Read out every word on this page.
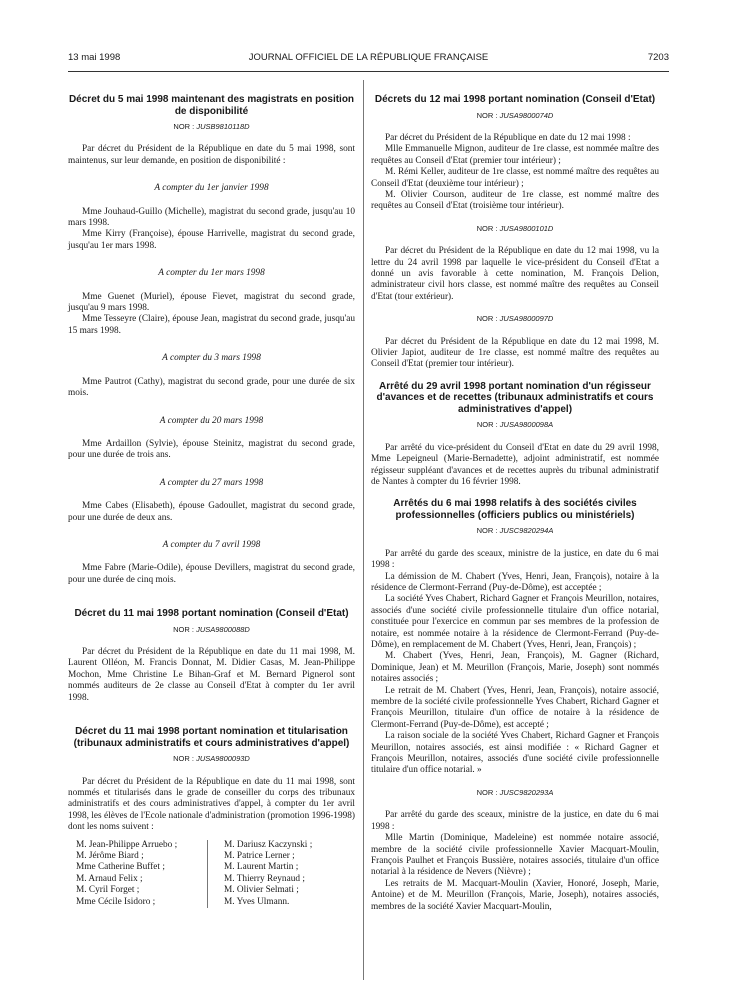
13 mai 1998	JOURNAL OFFICIEL DE LA RÉPUBLIQUE FRANÇAISE	7203
Décret du 5 mai 1998 maintenant des magistrats en position de disponibilité
NOR : JUSB9810118D

Par décret du Président de la République en date du 5 mai 1998, sont maintenus, sur leur demande, en position de disponibilité :

A compter du 1er janvier 1998

Mme Jouhaud-Guillo (Michelle), magistrat du second grade, jusqu'au 10 mars 1998.

Mme Kirry (Françoise), épouse Harrivelle, magistrat du second grade, jusqu'au 1er mars 1998.

A compter du 1er mars 1998

Mme Guenet (Muriel), épouse Fievet, magistrat du second grade, jusqu'au 9 mars 1998.

Mme Tesseyre (Claire), épouse Jean, magistrat du second grade, jusqu'au 15 mars 1998.

A compter du 3 mars 1998

Mme Pautrot (Cathy), magistrat du second grade, pour une durée de six mois.

A compter du 20 mars 1998

Mme Ardaillon (Sylvie), épouse Steinitz, magistrat du second grade, pour une durée de trois ans.

A compter du 27 mars 1998

Mme Cabes (Elisabeth), épouse Gadoullet, magistrat du second grade, pour une durée de deux ans.

A compter du 7 avril 1998

Mme Fabre (Marie-Odile), épouse Devillers, magistrat du second grade, pour une durée de cinq mois.

Décret du 11 mai 1998 portant nomination (Conseil d'Etat)
NOR : JUSA9800088D

Par décret du Président de la République en date du 11 mai 1998, M. Laurent Olléon, M. Francis Donnat, M. Didier Casas, M. Jean-Philippe Mochon, Mme Christine Le Bihan-Graf et M. Bernard Pignerol sont nommés auditeurs de 2e classe au Conseil d'Etat à compter du 1er avril 1998.

Décret du 11 mai 1998 portant nomination et titularisation (tribunaux administratifs et cours administratives d'appel)
NOR : JUSA9800093D

Par décret du Président de la République en date du 11 mai 1998, sont nommés et titularisés dans le grade de conseiller du corps des tribunaux administratifs et des cours administratives d'appel, à compter du 1er avril 1998, les élèves de l'Ecole nationale d'administration (promotion 1996-1998) dont les noms suivent :

M. Jean-Philippe Arruebo ;
M. Jérôme Biard ;
Mme Catherine Buffet ;
M. Arnaud Felix ;
M. Cyril Forget ;
Mme Cécile Isidoro ;
M. Dariusz Kaczynski ;
M. Patrice Lerner ;
M. Laurent Martin ;
M. Thierry Reynaud ;
M. Olivier Selmati ;
M. Yves Ulmann.
Décrets du 12 mai 1998 portant nomination (Conseil d'Etat)
NOR : JUSA9800074D

Par décret du Président de la République en date du 12 mai 1998 :

Mlle Emmanuelle Mignon, auditeur de 1re classe, est nommée maître des requêtes au Conseil d'Etat (premier tour intérieur) ;

M. Rémi Keller, auditeur de 1re classe, est nommé maître des requêtes au Conseil d'Etat (deuxième tour intérieur) ;

M. Olivier Courson, auditeur de 1re classe, est nommé maître des requêtes au Conseil d'Etat (troisième tour intérieur).

NOR : JUSA9800101D

Par décret du Président de la République en date du 12 mai 1998, vu la lettre du 24 avril 1998 par laquelle le vice-président du Conseil d'Etat a donné un avis favorable à cette nomination, M. François Delion, administrateur civil hors classe, est nommé maître des requêtes au Conseil d'Etat (tour extérieur).

NOR : JUSA9800097D

Par décret du Président de la République en date du 12 mai 1998, M. Olivier Japiot, auditeur de 1re classe, est nommé maître des requêtes au Conseil d'Etat (premier tour intérieur).

Arrêté du 29 avril 1998 portant nomination d'un régisseur d'avances et de recettes (tribunaux administratifs et cours administratives d'appel)
NOR : JUSA9800098A

Par arrêté du vice-président du Conseil d'Etat en date du 29 avril 1998, Mme Lepeigneul (Marie-Bernadette), adjoint administratif, est nommée régisseur suppléant d'avances et de recettes auprès du tribunal administratif de Nantes à compter du 16 février 1998.

Arrêtés du 6 mai 1998 relatifs à des sociétés civiles professionnelles (officiers publics ou ministériels)
NOR : JUSC9820294A

Par arrêté du garde des sceaux, ministre de la justice, en date du 6 mai 1998 :

La démission de M. Chabert (Yves, Henri, Jean, François), notaire à la résidence de Clermont-Ferrand (Puy-de-Dôme), est acceptée ;

La société Yves Chabert, Richard Gagner et François Meurillon, notaires, associés d'une société civile professionnelle titulaire d'un office notarial, constituée pour l'exercice en commun par ses membres de la profession de notaire, est nommée notaire à la résidence de Clermont-Ferrand (Puy-de-Dôme), en remplacement de M. Chabert (Yves, Henri, Jean, François) ;

M. Chabert (Yves, Henri, Jean, François), M. Gagner (Richard, Dominique, Jean) et M. Meurillon (François, Marie, Joseph) sont nommés notaires associés ;

Le retrait de M. Chabert (Yves, Henri, Jean, François), notaire associé, membre de la société civile professionnelle Yves Chabert, Richard Gagner et François Meurillon, titulaire d'un office de notaire à la résidence de Clermont-Ferrand (Puy-de-Dôme), est accepté ;

La raison sociale de la société Yves Chabert, Richard Gagner et François Meurillon, notaires associés, est ainsi modifiée : « Richard Gagner et François Meurillon, notaires, associés d'une société civile professionnelle titulaire d'un office notarial. »

NOR : JUSC9820293A

Par arrêté du garde des sceaux, ministre de la justice, en date du 6 mai 1998 :

Mlle Martin (Dominique, Madeleine) est nommée notaire associé, membre de la société civile professionnelle Xavier Macquart-Moulin, François Paulhet et François Bussière, notaires associés, titulaire d'un office notarial à la résidence de Nevers (Nièvre) ;

Les retraits de M. Macquart-Moulin (Xavier, Honoré, Joseph, Marie, Antoine) et de M. Meurillon (François, Marie, Joseph), notaires associés, membres de la société Xavier Macquart-Moulin,
